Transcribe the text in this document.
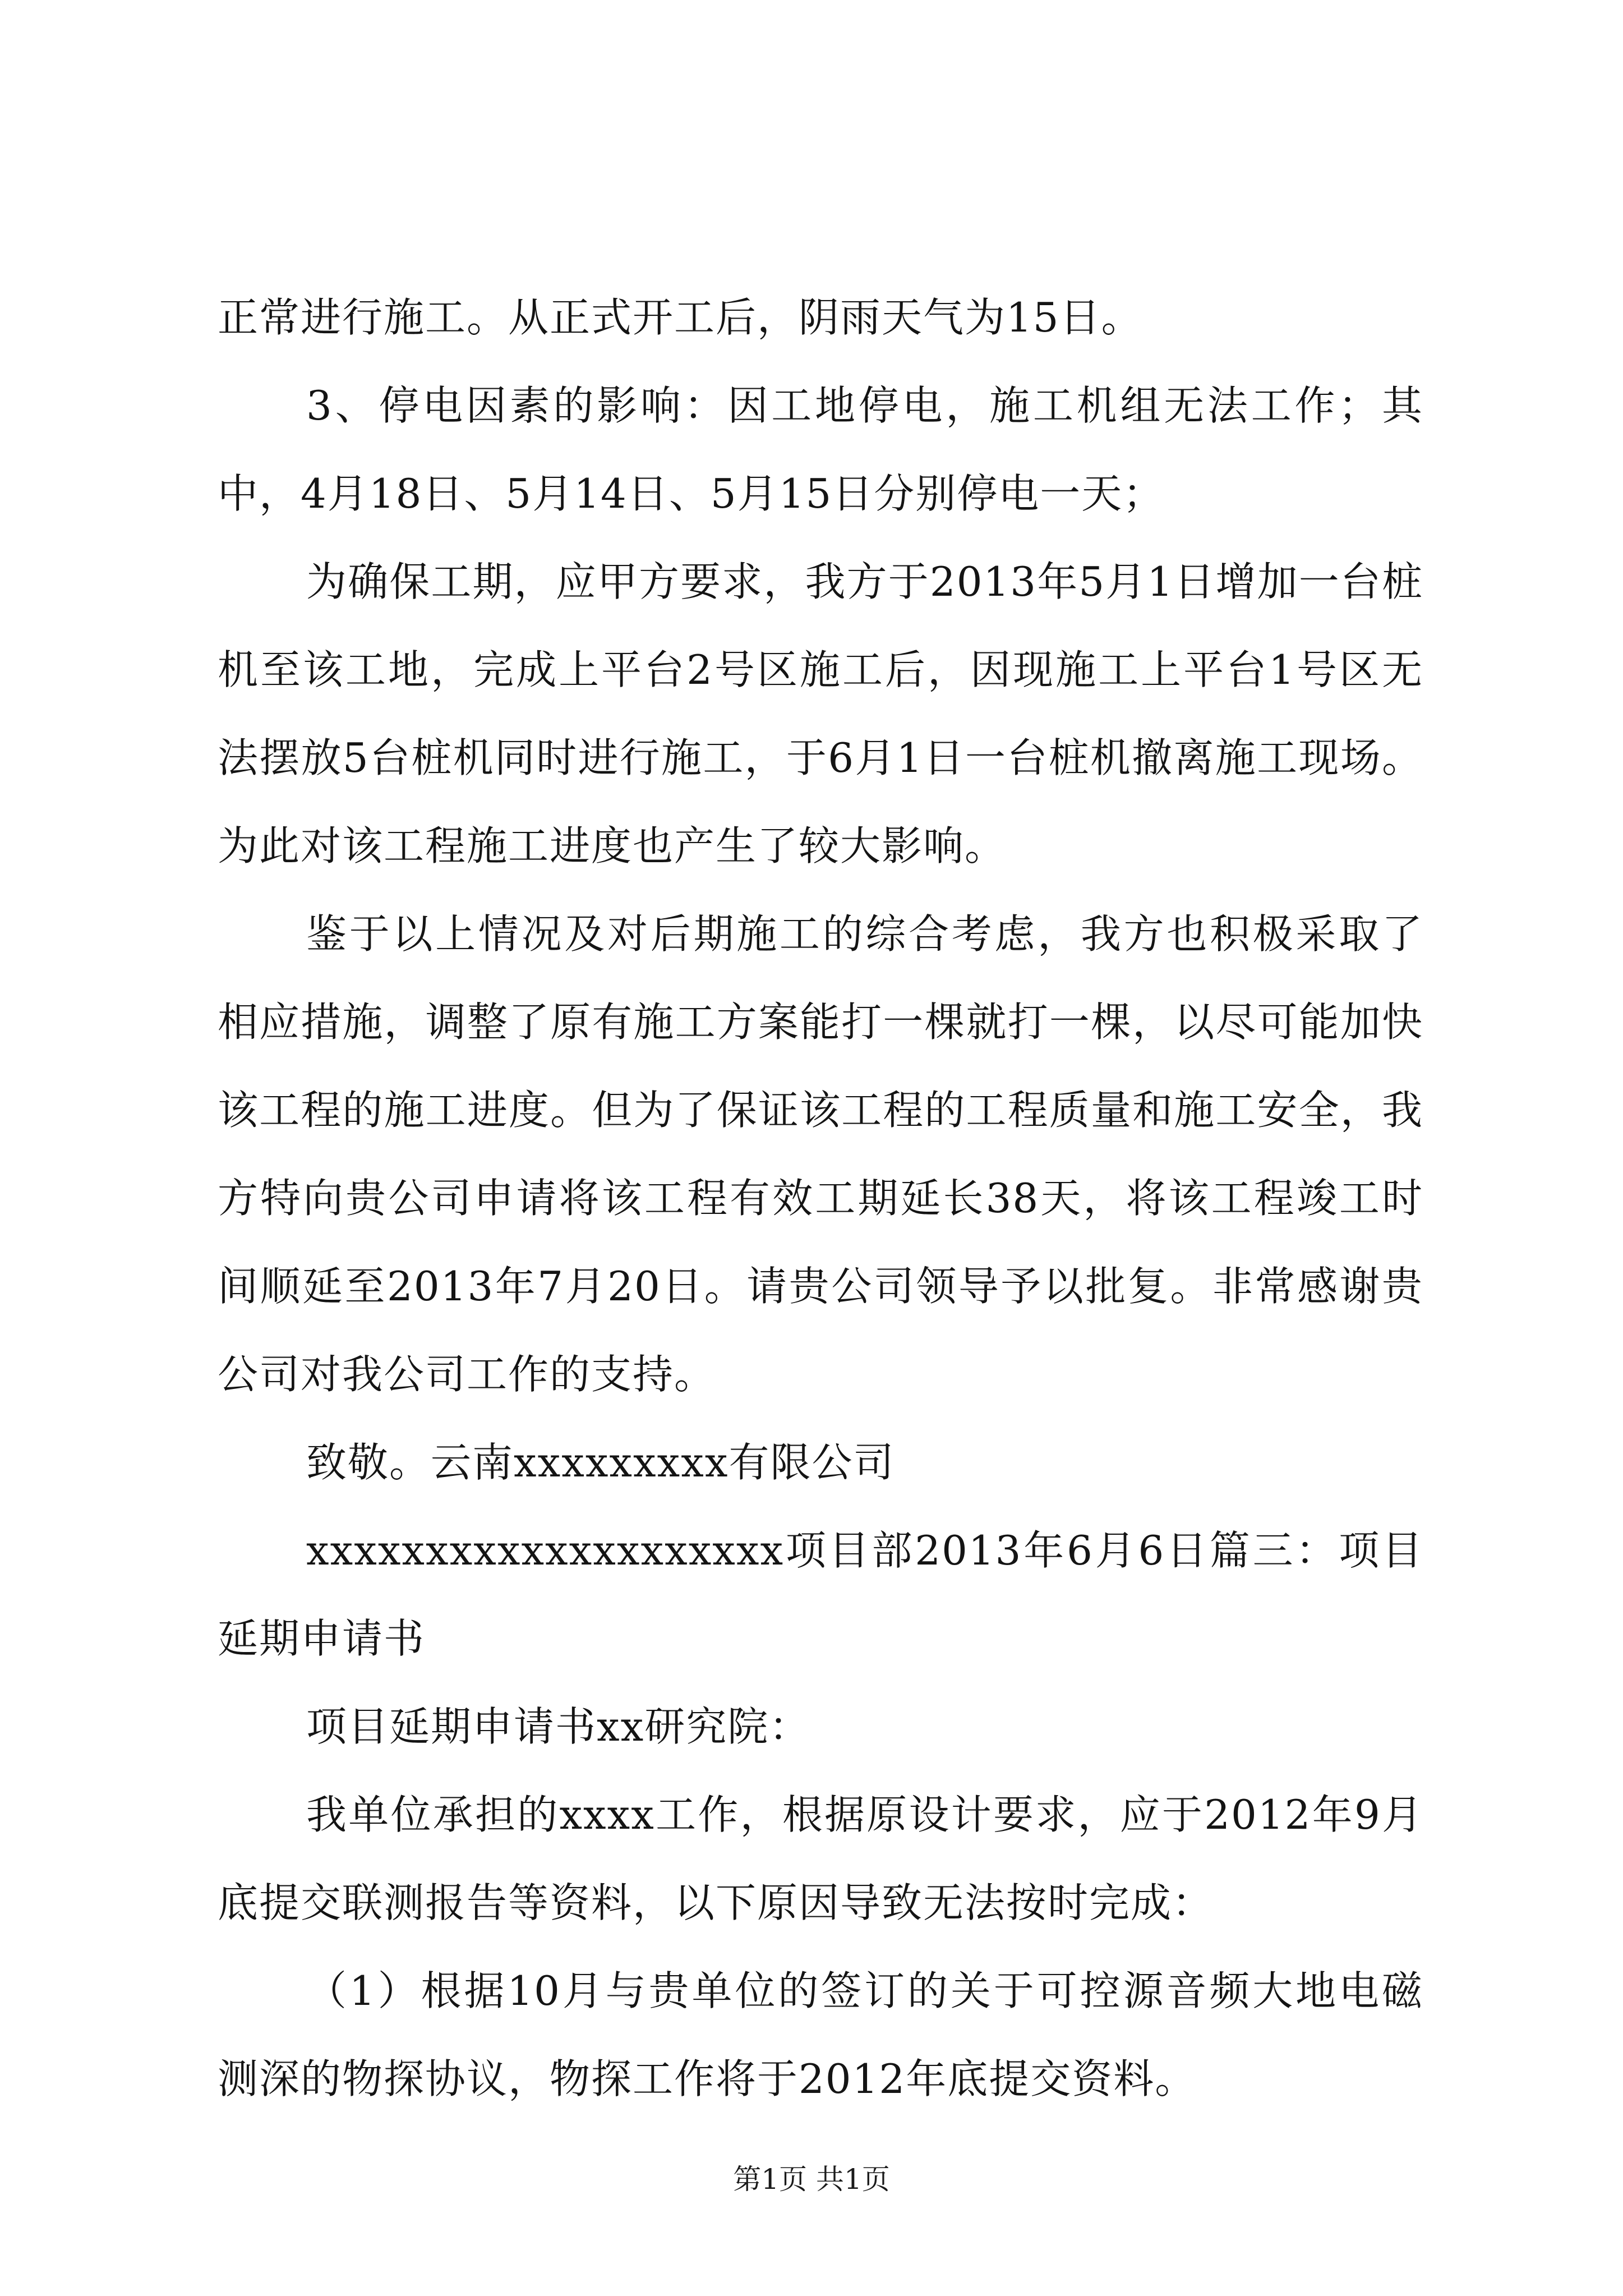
正常进行施工。从正式开工后，阴雨天气为15日。

3、停电因素的影响：因工地停电，施工机组无法工作；其中，4月18日、5月14日、5月15日分别停电一天；

为确保工期，应甲方要求，我方于2013年5月1日增加一台桩机至该工地，完成上平台2号区施工后，因现施工上平台1号区无法摆放5台桩机同时进行施工，于6月1日一台桩机撤离施工现场。为此对该工程施工进度也产生了较大影响。

鉴于以上情况及对后期施工的综合考虑，我方也积极采取了相应措施，调整了原有施工方案能打一棵就打一棵，以尽可能加快该工程的施工进度。但为了保证该工程的工程质量和施工安全，我方特向贵公司申请将该工程有效工期延长38天，将该工程竣工时间顺延至2013年7月20日。请贵公司领导予以批复。非常感谢贵公司对我公司工作的支持。

致敬。云南xxxxxxxxx有限公司

xxxxxxxxxxxxxxxxxxxx项目部2013年6月6日篇三：项目延期申请书

项目延期申请书xx研究院：

我单位承担的xxxx工作，根据原设计要求，应于2012年9月底提交联测报告等资料，以下原因导致无法按时完成：

（1）根据10月与贵单位的签订的关于可控源音频大地电磁测深的物探协议，物探工作将于2012年底提交资料。

第1页 共1页
